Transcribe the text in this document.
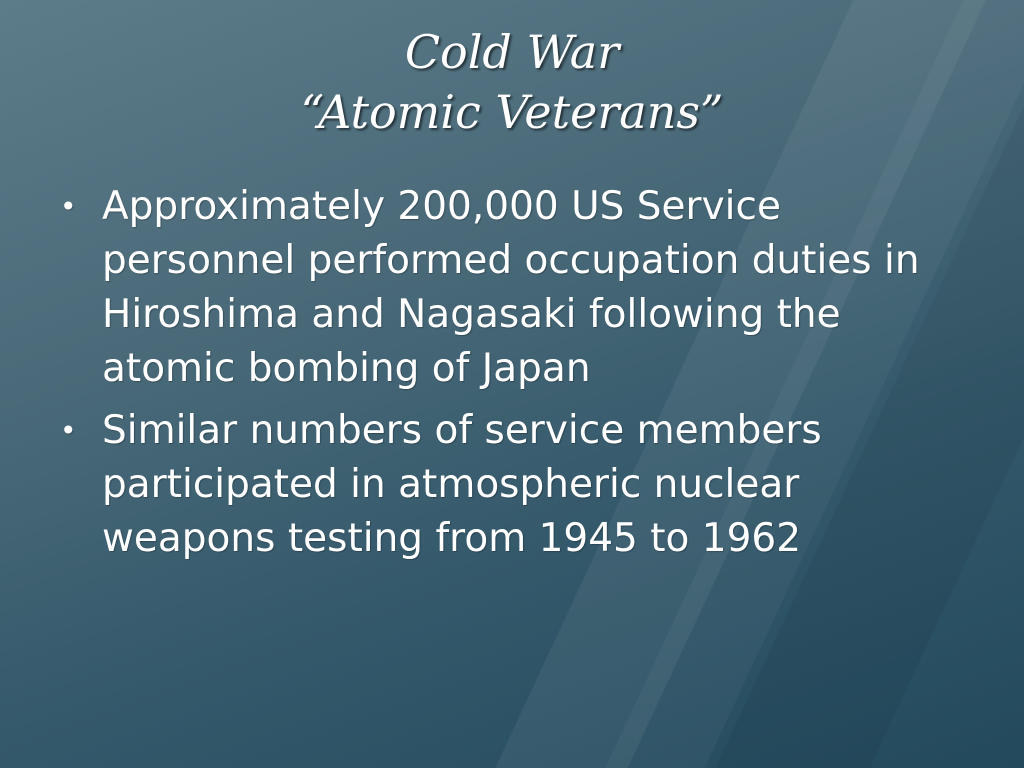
Cold War
“Atomic Veterans”
• Approximately 200,000 US Service personnel performed occupation duties in Hiroshima and Nagasaki following the atomic bombing of Japan
• Similar numbers of service members participated in atmospheric nuclear weapons testing from 1945 to 1962
